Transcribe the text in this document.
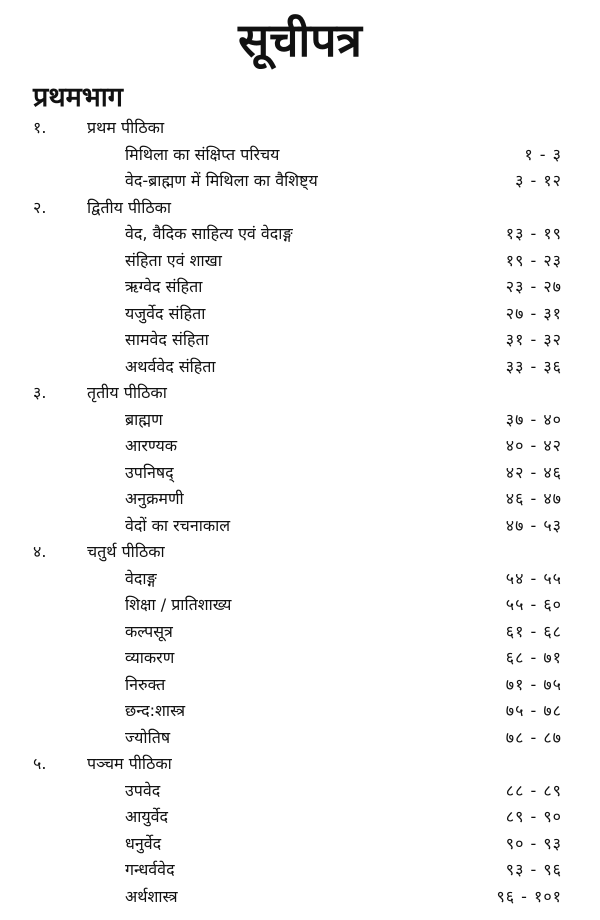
सूचीपत्र
प्रथमभाग
१.	प्रथम पीठिका
मिथिला का संक्षिप्त परिचय	१ - ३
वेद-ब्राह्मण में मिथिला का वैशिष्ट्य	३ - १२
२.	द्वितीय पीठिका
वेद, वैदिक साहित्य एवं वेदाङ्ग	१३ - १९
संहिता एवं शाखा	१९ - २३
ऋग्वेद संहिता	२३ - २७
यजुर्वेद संहिता	२७ - ३१
सामवेद संहिता	३१ - ३२
अथर्ववेद संहिता	३३ - ३६
३.	तृतीय पीठिका
ब्राह्मण	३७ - ४०
आरण्यक	४० - ४२
उपनिषद्	४२ - ४६
अनुक्रमणी	४६ - ४७
वेदों का रचनाकाल	४७ - ५३
४.	चतुर्थ पीठिका
वेदाङ्ग	५४ - ५५
शिक्षा / प्रातिशाख्य	५५ - ६०
कल्पसूत्र	६१ - ६८
व्याकरण	६८ - ७१
निरुक्त	७१ - ७५
छन्द:शास्त्र	७५ - ७८
ज्योतिष	७८ - ८७
५.	पञ्चम पीठिका
उपवेद	८८ - ८९
आयुर्वेद	८९ - ९०
धनुर्वेद	९० - ९३
गन्धर्ववेद	९३ - ९६
अर्थशास्त्र	९६ - १०१
